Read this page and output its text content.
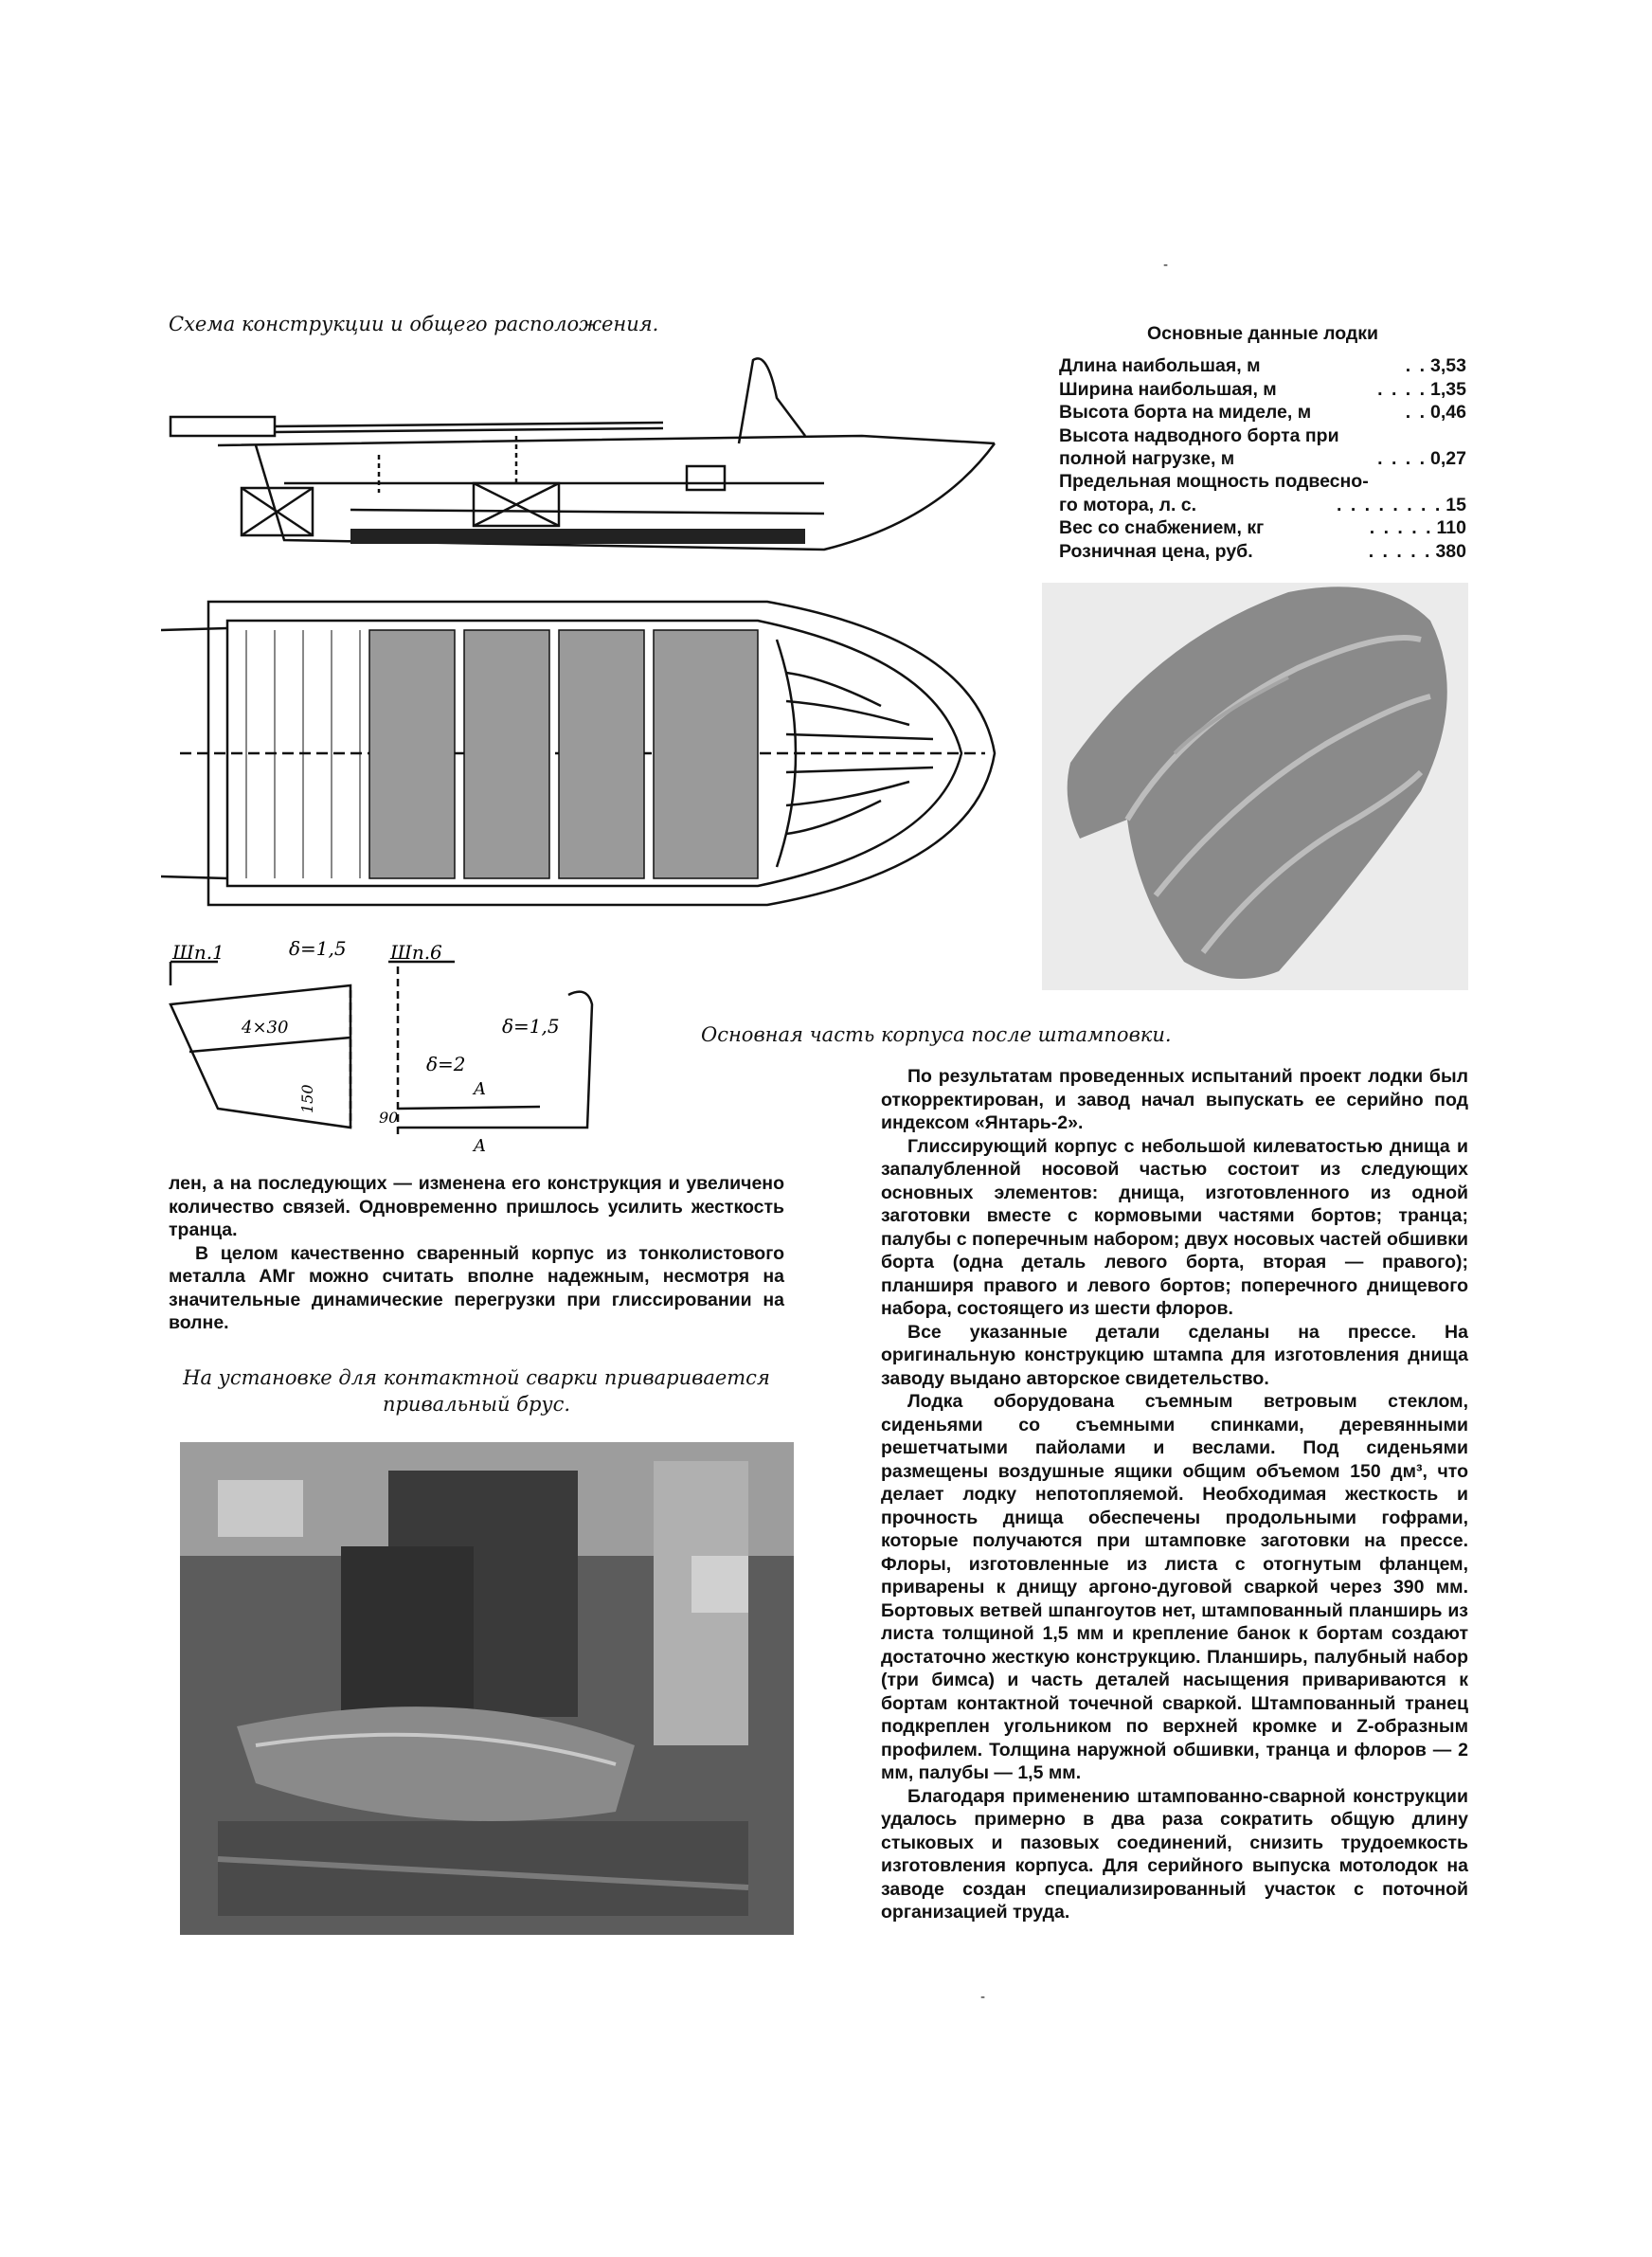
-
Схема конструкции и общего расположения.
Шп.1	δ=1,5
4×30
150
Шп.6
δ=1,5
δ=2
90
A
A
Основные данные лодки
Длина наибольшая, м	. . 3,53
Ширина наибольшая, м	. . . . 1,35
Высота борта на миделе, м	. . 0,46
Высота надводного борта при
полной нагрузке, м	. . . . 0,27
Предельная мощность подвесно-
го мотора, л. с.	. . . . . . . . 15
Вес со снабжением, кг	. . . . . 110
Розничная цена, руб.	. . . . . 380
Основная часть корпуса после штамповки.

лен, а на последующих — изменена его конструкция и увеличено количество связей. Одновременно пришлось усилить жесткость транца.

В целом качественно сваренный корпус из тонколистового металла АМг можно считать вполне надежным, несмотря на значительные динамические перегрузки при глиссировании на волне.

На установке для контактной сварки приваривается
привальный брус.

По результатам проведенных испытаний проект лодки был откорректирован, и завод начал выпускать ее серийно под индексом «Янтарь-2».

Глиссирующий корпус с небольшой килеватостью днища и запалубленной носовой частью состоит из следующих основных элементов: днища, изготовленного из одной заготовки вместе с кормовыми частями бортов; транца; палубы с поперечным набором; двух носовых частей обшивки борта (одна деталь левого борта, вторая — правого); планширя правого и левого бортов; поперечного днищевого набора, состоящего из шести флоров.

Все указанные детали сделаны на прессе. На оригинальную конструкцию штампа для изготовления днища заводу выдано авторское свидетельство.

Лодка оборудована съемным ветровым стеклом, сиденьями со съемными спинками, деревянными решетчатыми пайолами и веслами. Под сиденьями размещены воздушные ящики общим объемом 150 дм³, что делает лодку непотопляемой. Необходимая жесткость и прочность днища обеспечены продольными гофрами, которые получаются при штамповке заготовки на прессе. Флоры, изготовленные из листа с отогнутым фланцем, приварены к днищу аргоно-дуговой сваркой через 390 мм. Бортовых ветвей шпангоутов нет, штампованный планширь из листа толщиной 1,5 мм и крепление банок к бортам создают достаточно жесткую конструкцию. Планширь, палубный набор (три бимса) и часть деталей насыщения привариваются к бортам контактной точечной сваркой. Штампованный транец подкреплен угольником по верхней кромке и Z-образным профилем. Толщина наружной обшивки, транца и флоров — 2 мм, палубы — 1,5 мм.

Благодаря применению штампованно-сварной конструкции удалось примерно в два раза сократить общую длину стыковых и пазовых соединений, снизить трудоемкость изготовления корпуса. Для серийного выпуска мотолодок на заводе создан специализированный участок с поточной организацией труда.

-
